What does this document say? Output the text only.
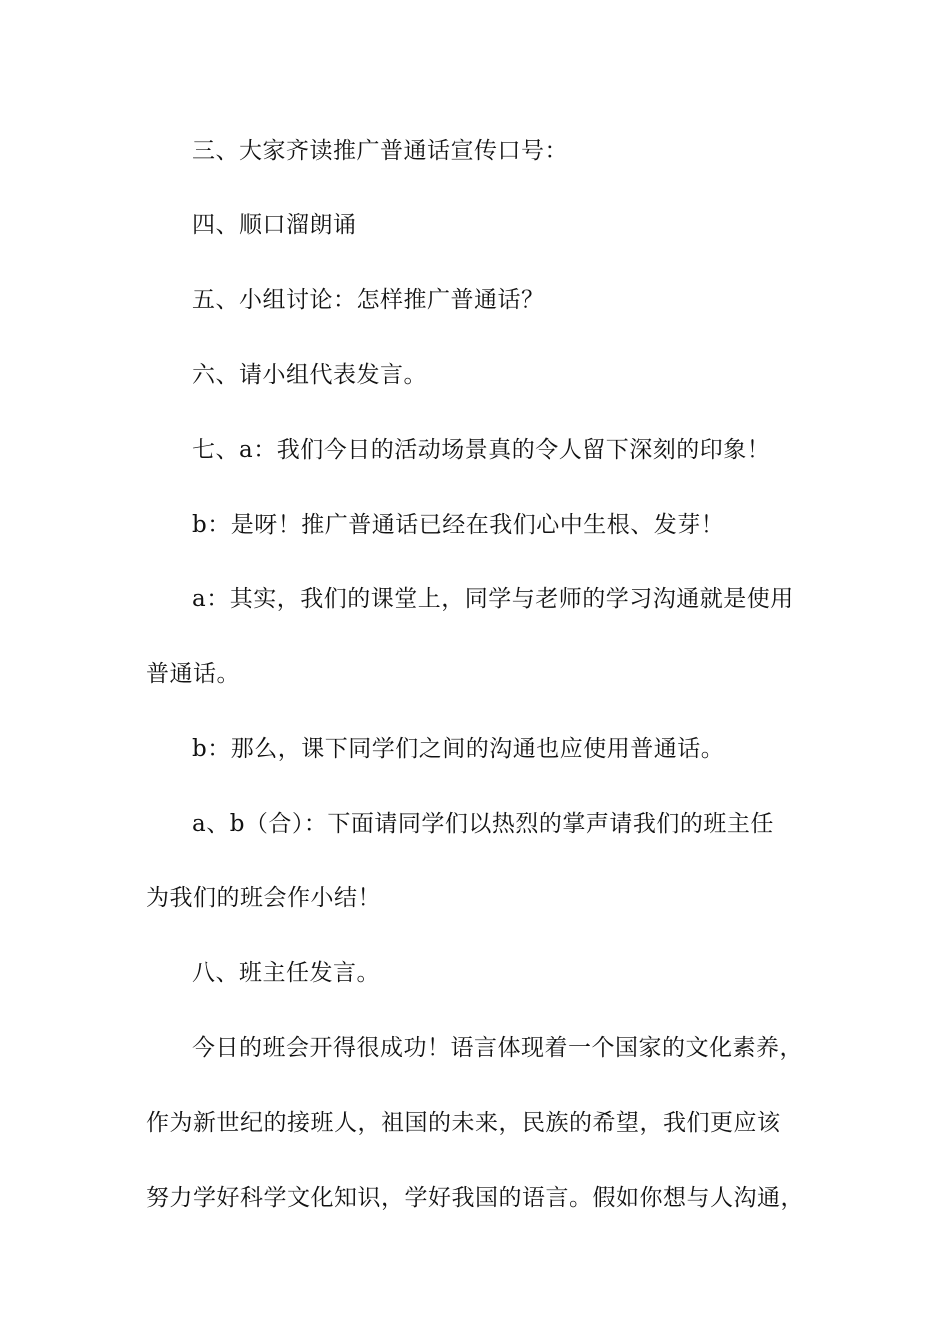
三、大家齐读推广普通话宣传口号：

四、顺口溜朗诵

五、小组讨论：怎样推广普通话？

六、请小组代表发言。

七、a：我们今日的活动场景真的令人留下深刻的印象！

b：是呀！推广普通话已经在我们心中生根、发芽！

a：其实，我们的课堂上，同学与老师的学习沟通就是使用

普通话。

b：那么，课下同学们之间的沟通也应使用普通话。

a、b（合）：下面请同学们以热烈的掌声请我们的班主任

为我们的班会作小结！

八、班主任发言。

今日的班会开得很成功！语言体现着一个国家的文化素养，

作为新世纪的接班人，祖国的未来，民族的希望，我们更应该

努力学好科学文化知识，学好我国的语言。假如你想与人沟通，
